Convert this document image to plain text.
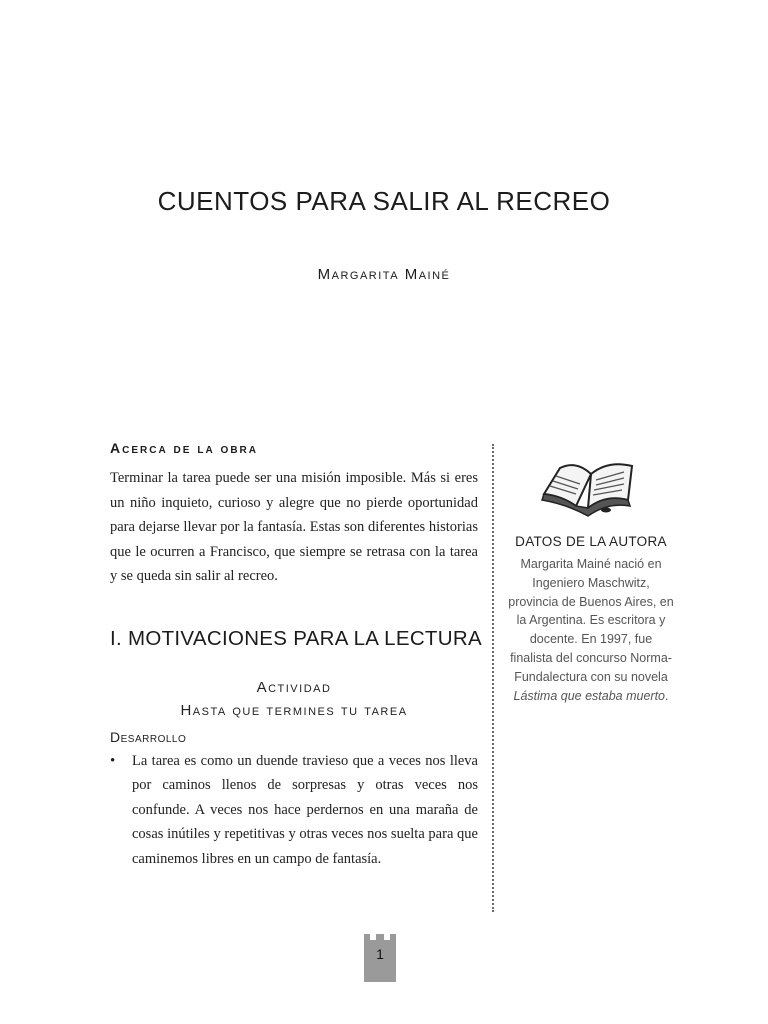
CUENTOS PARA SALIR AL RECREO
Margarita Mainé
Acerca de la obra

Terminar la tarea puede ser una misión imposible. Más si eres un niño inquieto, curioso y alegre que no pierde oportunidad para dejarse llevar por la fantasía. Estas son diferentes historias que le ocurren a Francisco, que siempre se retrasa con la tarea y se queda sin salir al recreo.

I. MOTIVACIONES PARA LA LECTURA
Actividad
Hasta que termines tu tarea
Desarrollo
•	La tarea es como un duende travieso que a veces nos lleva por caminos llenos de sorpresas y otras veces nos confunde. A veces nos hace perdernos en una maraña de cosas inútiles y repetitivas y otras veces nos suelta para que caminemos libres en un campo de fantasía.

DATOS DE LA AUTORA
Margarita Mainé nació en Ingeniero Maschwitz, provincia de Buenos Aires, en la Argentina. Es escritora y docente. En 1997, fue finalista del concurso Norma-Fundalectura con su novela Lástima que estaba muerto.
1
